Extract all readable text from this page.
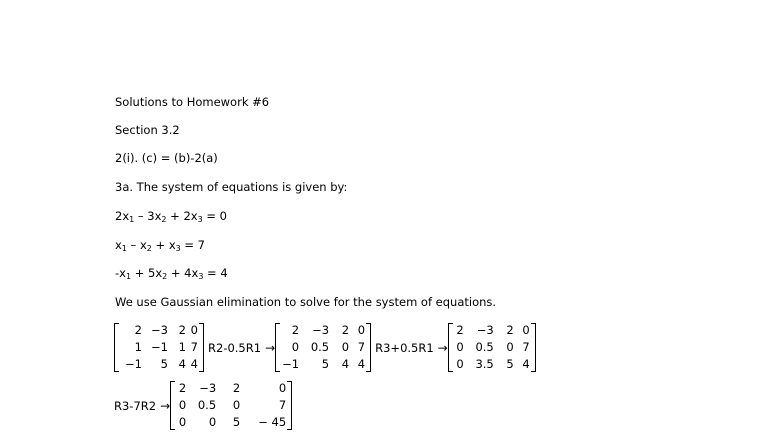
Solutions to Homework #6
Section 3.2
2(i). (c) = (b)-2(a)
3a. The system of equations is given by:
$2x_1 - 3x_2 + 2x_3 = 0$
$x_1 - x_2 + x_3 = 7$
$-x_1 + 5x_2 + 4x_3 = 4$
We use Gaussian elimination to solve for the system of equations.
2 −3 2 0
1 −1 1 7
−1	5 4 4
R2-0.5R1 →
2	−3	2 0
0	0.5	0 7
−1	5	4 4
R3+0.5R1 →
2	−3	2 0
0	0.5	0 7
0	3.5	5 4
R3-7R2 →
2	−3	2	0
0	0.5	0	7
0	0	5	− 45
